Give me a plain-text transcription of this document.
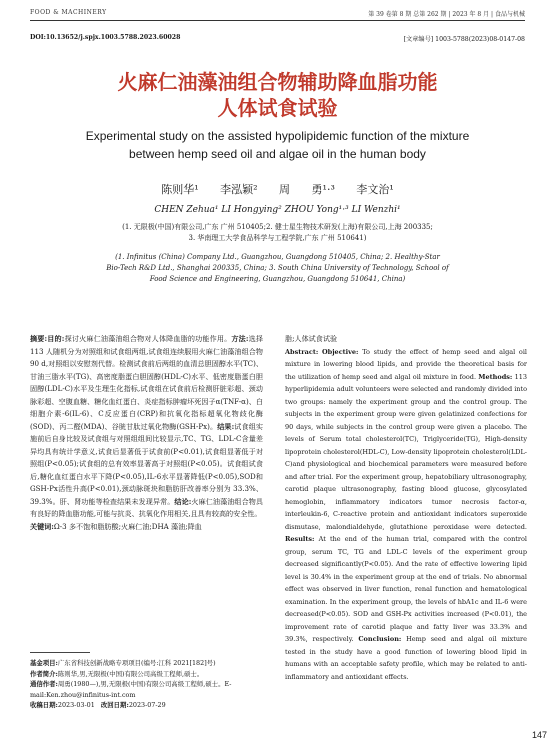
FOOD & MACHINERY	第 39 卷第 8 期 总第 262 期 | 2023 年 8 月 | 食品与机械
DOI:10.13652/j.spjx.1003.5788.2023.60028	[文章编号] 1003-5788(2023)08-0147-08
火麻仁油藻油组合物辅助降血脂功能
人体试食试验
Experimental study on the assisted hypolipidemic function of the mixture
between hemp seed oil and algae oil in the human body
陈则华¹ 李泓颖² 周 勇¹·³ 李文治¹
CHEN Zehua¹ LI Hongying² ZHOU Yong¹·³ LI Wenzhi¹
(1. 无限极(中国)有限公司,广东 广州 510405;2. 健士星生物技术研发(上海)有限公司,上海 200335;
3. 华南理工大学食品科学与工程学院,广东 广州 510641)
(1. Infinitus (China) Company Ltd., Guangzhou, Guangdong 510405, China; 2. Healthy-Star
Bio-Tech R&D Ltd., Shanghai 200335, China; 3. South China University of Technology, School of
Food Science and Engineering, Guangzhou, Guangdong 510641, China)
摘要:目的:探讨火麻仁油藻油组合物对人体降血脂的功能作用。方法:选择 113 人随机分为对照组和试食组两组,试食组连续服用火麻仁油藻油组合物 90 d,对照组以安慰剂代替。检测试食前后两组的血清总胆固醇水平(TC)、甘油三脂水平(TG)、高密度脂蛋白胆固醇(HDL-C)水平、低密度脂蛋白胆固醇(LDL-C)水平及生理生化指标,试食组在试食前后检测肝脏彩超、颈动脉彩超、空腹血糖、糖化血红蛋白、炎症指标肿瘤坏死因子α(TNF-α)、白细胞介素-6(IL-6)、C反应蛋白(CRP)和抗氧化指标超氧化物歧化酶(SOD)、丙二醛(MDA)、谷胱甘肽过氧化物酶(GSH-Px)。结果:试食组实施前后自身比较及试食组与对照组组间比较显示,TC、TG、LDL-C含量差异均具有统计学意义,试食后显著低于试食前(P<0.01),试食组显著低于对照组(P<0.05);试食组的总有效率显著高于对照组(P<0.05)。试食组试食后,糖化血红蛋白水平下降(P<0.05),IL-6水平显著降低(P<0.05),SOD和GSH-Px活性升高(P<0.01),颈动脉斑块和脂肪肝改善率分别为 33.3%、39.3%。肝、肾功能等检查结果未发现异常。结论:火麻仁油藻油组合物具有良好的降血脂功能,可能与抗炎、抗氧化作用相关,且具有较高的安全性。
关键词:Ω-3 多不饱和脂肪酸;火麻仁油;DHA 藻油;降血
基金项目:广东省科技创新战略专项项目(编号:江科 2021[182]号)
作者简介:陈则华,男,无限极(中国)有限公司高级工程师,硕士。
通信作者:周勇(1980—),男,无限极(中国)有限公司高级工程师,硕士。E-mail:Ken.zhou@infinitus-int.com
收稿日期:2023-03-01 改回日期:2023-07-29
脂;人体试食试验
Abstract: Objective: To study the effect of hemp seed and algal oil mixture in lowering blood lipids, and provide the theoretical basis for the utilization of hemp seed and algal oil mixture in food. Methods: 113 hyperlipidemia adult volunteers were selected and randomly divided into two groups: namely the experiment group and the control group. The subjects in the experiment group were given gelatinized confections for 90 days, while subjects in the control group were given a placebo. The levels of Serum total cholesterol(TC), Triglyceride(TG), High-density lipoprotein cholesterol(HDL-C), Low-density lipoprotein cholesterol(LDL-C)and physiological and biochemical parameters were measured before and after trial. For the experiment group, hepatobiliary ultrasonography, carotid plaque ultrasonography, fasting blood glucose, glycosylated hemoglobin, inflammatory indicators tumor necrosis factor-α, interleukin-6, C-reactive protein and antioxidant indicators superoxide dismutase, malondialdehyde, glutathione peroxidase were detected. Results: At the end of the human trial, compared with the control group, serum TC, TG and LDL-C levels of the experiment group decreased significantly(P<0.05). And the rate of effective lowering lipid level is 30.4% in the experiment group at the end of trials. No abnormal effect was observed in liver function, renal function and hematological examination. In the experiment group, the levels of hbA1c and IL-6 were decreased(P<0.05). SOD and GSH-Px activities increased (P<0.01), the improvement rate of carotid plaque and fatty liver was 33.3% and 39.3%, respectively. Conclusion: Hemp seed and algal oil mixture tested in the study have a good function of lowering blood lipid in humans with an acceptable safety profile, which may be related to anti-inflammatory and antioxidant effects.
147
